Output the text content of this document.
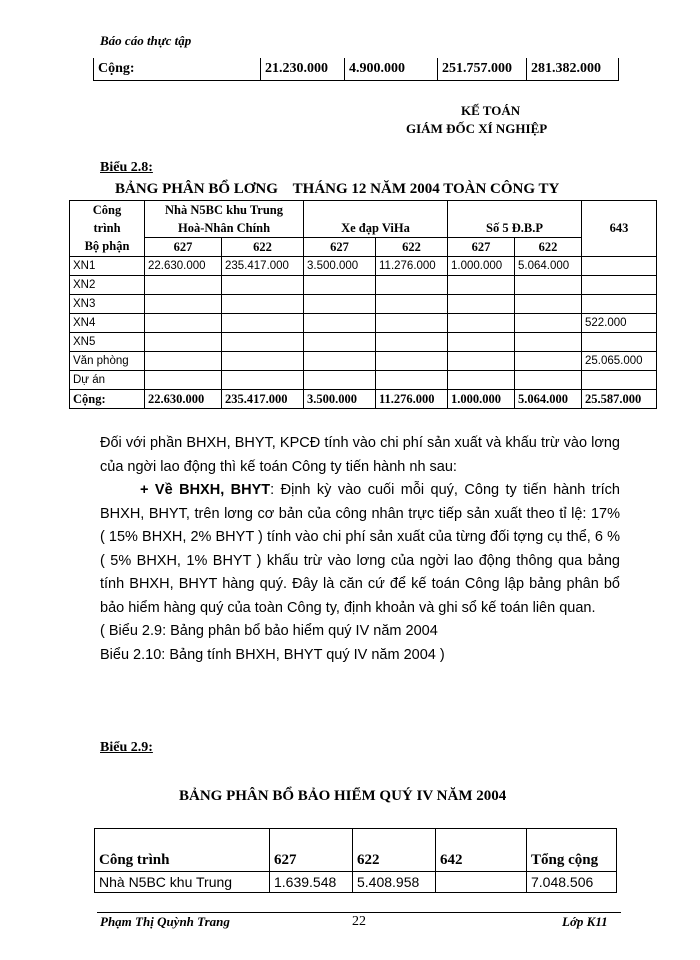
Báo cáo thực tập
Cộng:	21.230.000	4.900.000	251.757.000	281.382.000
KẾ TOÁN
GIÁM ĐỐC XÍ NGHIỆP
Biểu 2.8:
BẢNG PHÂN BỔ LƠNG    THÁNG 12 NĂM 2004 TOÀN CÔNG TY
Công	Nhà N5BC khu Trung						643
trình	Hoà-Nhân Chính		Xe đạp ViHa		Số 5 Đ.B.P		
Bộ phận	627	622	627	622	627	622	
XN1	22.630.000	235.417.000	3.500.000	11.276.000	1.000.000	5.064.000	
XN2							
XN3							
XN4							522.000
XN5							
Văn phòng							25.065.000
Dự án							
Cộng:	22.630.000	235.417.000	3.500.000	11.276.000	1.000.000	5.064.000	25.587.000

Đối với phần BHXH, BHYT, KPCĐ tính vào chi phí sản xuất và khấu trừ vào lơng của ngời lao động thì kế toán Công ty tiến hành nh sau:

+ Về BHXH, BHYT: Định kỳ vào cuối mỗi quý, Công ty tiến hành trích BHXH, BHYT, trên lơng cơ bản của công nhân trực tiếp sản xuất theo tỉ lệ: 17% ( 15% BHXH, 2% BHYT ) tính vào chi phí sản xuất của từng đối tợng cụ thể, 6 % ( 5% BHXH, 1% BHYT ) khấu trừ vào lơng của ngời lao động thông qua bảng tính BHXH, BHYT hàng quý. Đây là căn cứ để kế toán Công lập bảng phân bổ bảo hiểm hàng quý của toàn Công ty, định khoản và ghi sổ kế toán liên quan.

( Biểu 2.9: Bảng phân bổ bảo hiểm quý IV năm 2004

Biểu 2.10: Bảng tính BHXH, BHYT quý IV năm 2004 )

Biểu 2.9:
BẢNG PHÂN BỔ BẢO HIỂM QUÝ IV NĂM 2004
Công trình	627	622	642	Tổng cộng
Nhà N5BC khu Trung	1.639.548	5.408.958		7.048.506
Phạm Thị Quỳnh Trang	22	Lớp K11
